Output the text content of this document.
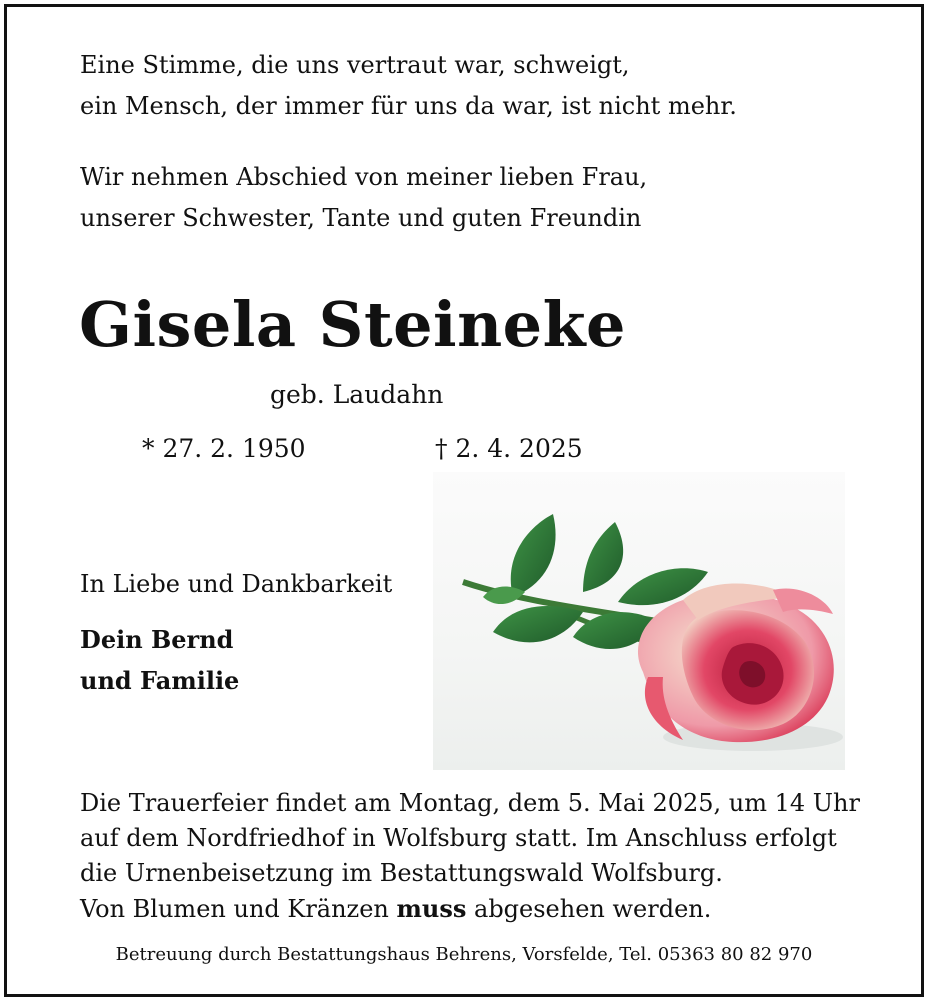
Eine Stimme, die uns vertraut war, schweigt,
ein Mensch, der immer für uns da war, ist nicht mehr.
Wir nehmen Abschied von meiner lieben Frau,
unserer Schwester, Tante und guten Freundin
Gisela Steineke
geb. Laudahn
* 27. 2. 1950	† 2. 4. 2025
In Liebe und Dankbarkeit
Dein Bernd
und Familie
Die Trauerfeier findet am Montag, dem 5. Mai 2025, um 14 Uhr
auf dem Nordfriedhof in Wolfsburg statt. Im Anschluss erfolgt
die Urnenbeisetzung im Bestattungswald Wolfsburg.
Von Blumen und Kränzen muss abgesehen werden.
Betreuung durch Bestattungshaus Behrens, Vorsfelde, Tel. 05363 80 82 970
